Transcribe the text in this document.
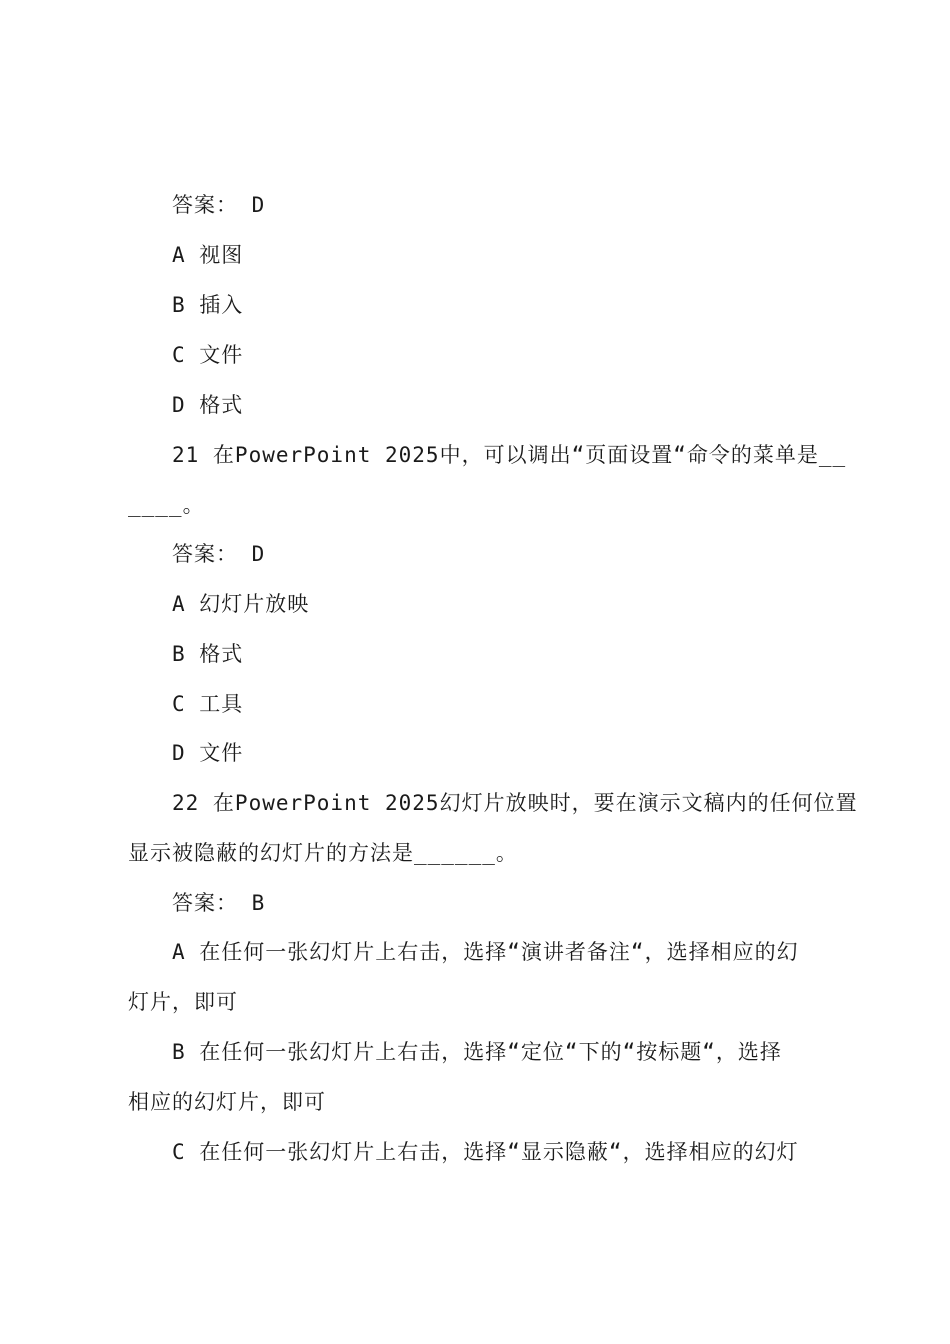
答案： D
A 视图
B 插入
C 文件
D 格式
21 在PowerPoint 2025中，可以调出“页面设置“命令的菜单是__
____。
答案： D
A 幻灯片放映
B 格式
C 工具
D 文件
22 在PowerPoint 2025幻灯片放映时，要在演示文稿内的任何位置
显示被隐蔽的幻灯片的方法是______。
答案： B
A 在任何一张幻灯片上右击，选择“演讲者备注“，选择相应的幻
灯片，即可
B 在任何一张幻灯片上右击，选择“定位“下的“按标题“，选择
相应的幻灯片，即可
C 在任何一张幻灯片上右击，选择“显示隐蔽“，选择相应的幻灯
